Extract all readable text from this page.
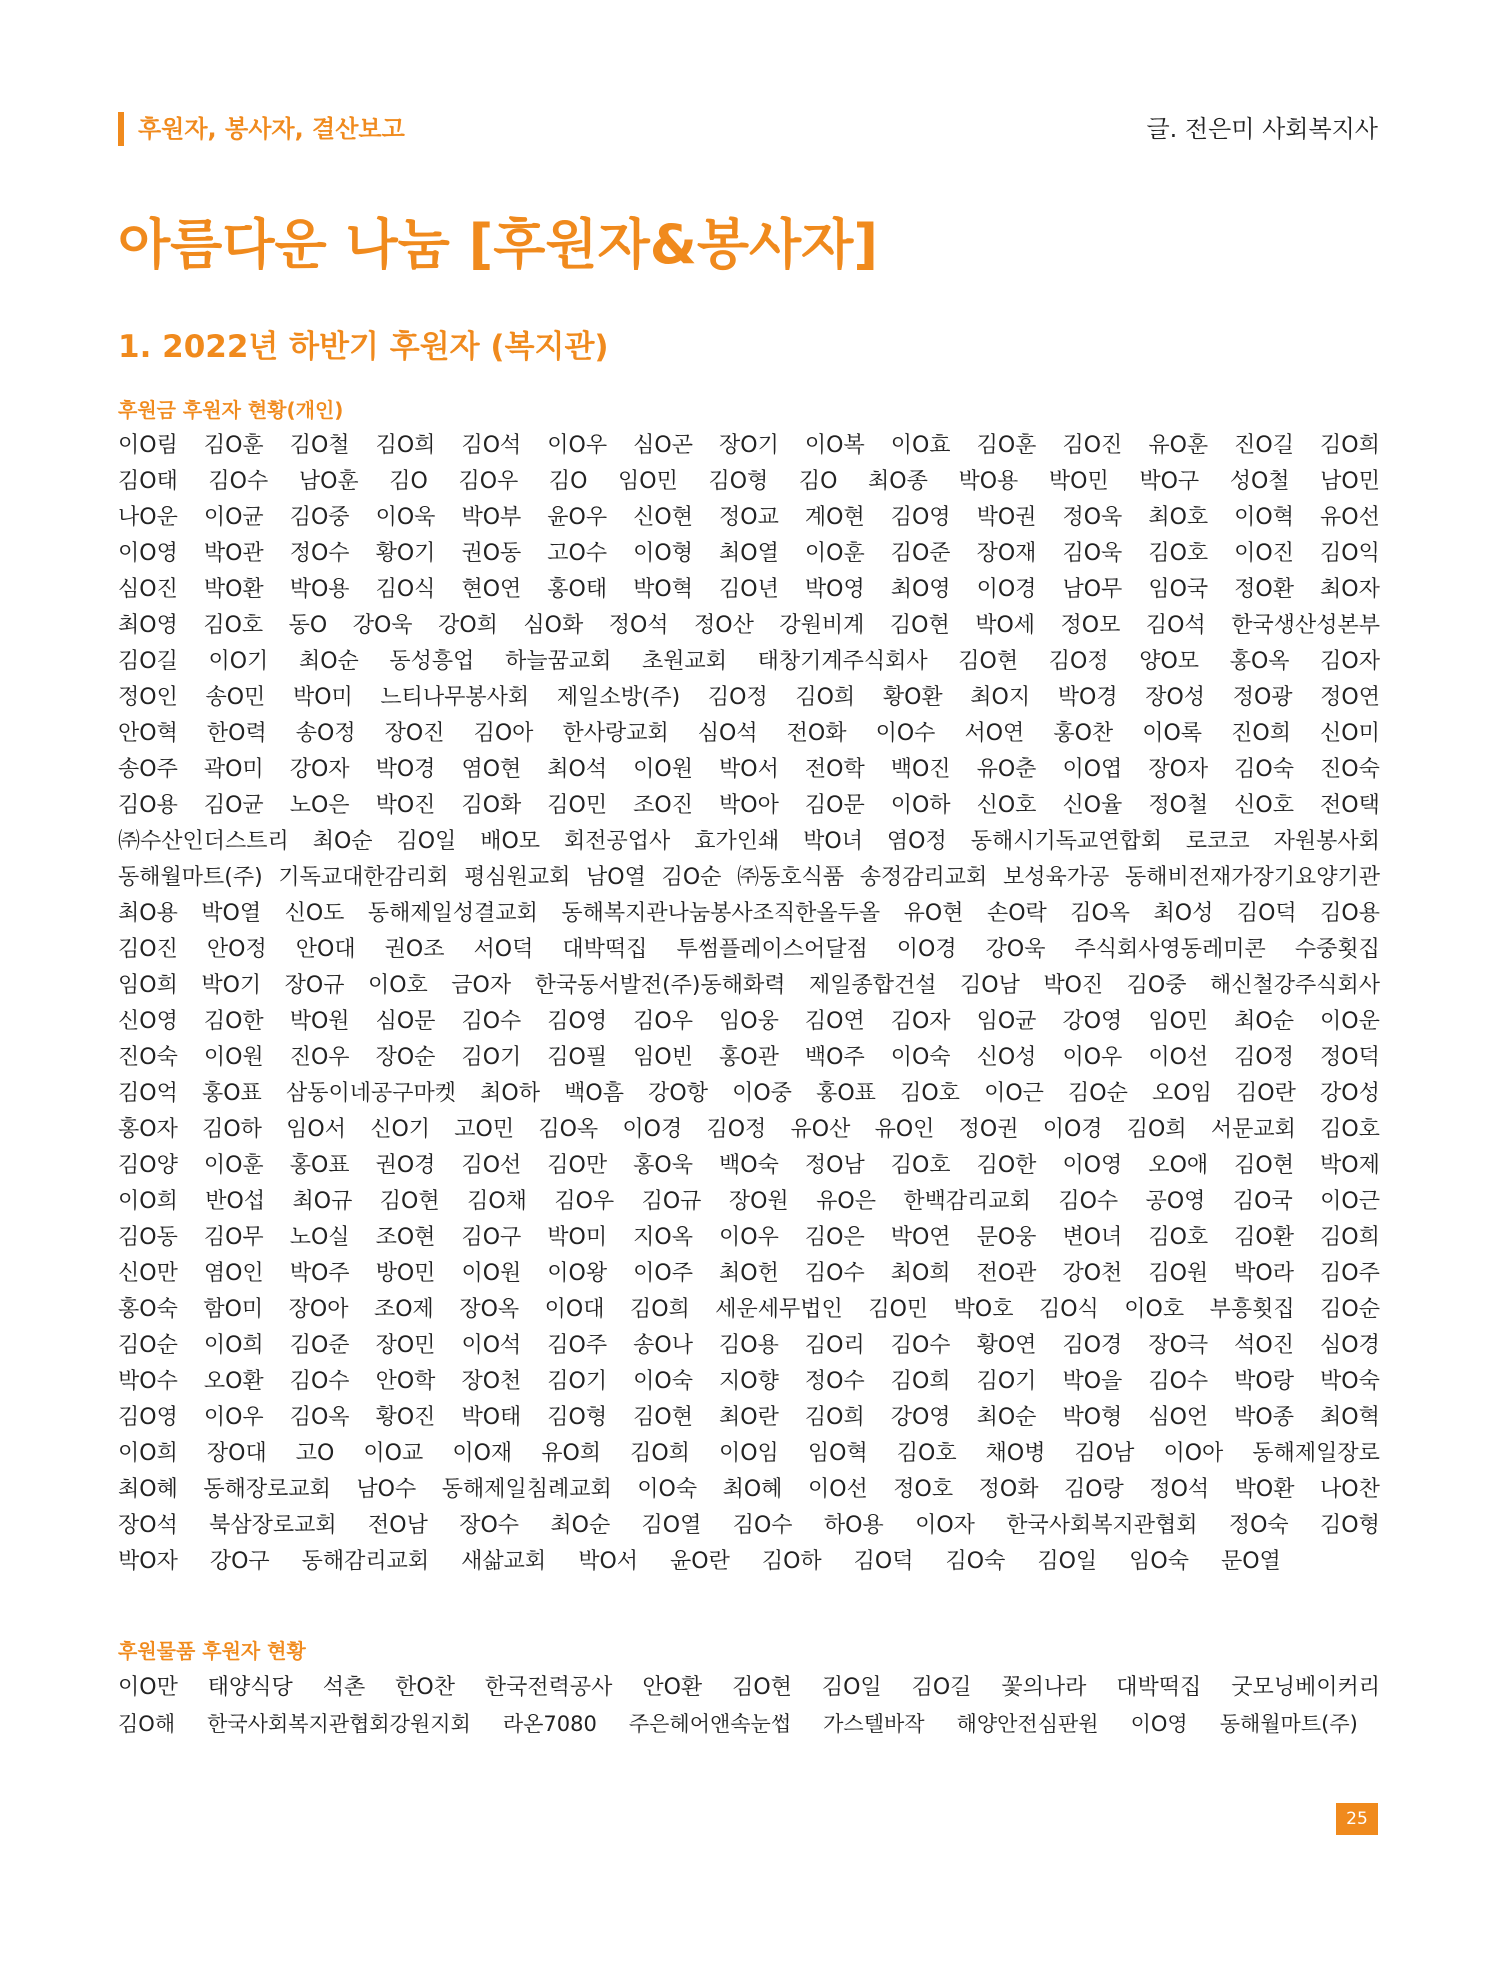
후원자, 봉사자, 결산보고	글. 전은미 사회복지사
아름다운 나눔 [후원자&봉사자]
1. 2022년 하반기 후원자 (복지관)
후원금 후원자 현황(개인)
이O림 김O훈 김O철 김O희 김O석 이O우 심O곤 장O기 이O복 이O효 김O훈 김O진 유O훈 진O길 김O희
김O태 김O수 남O훈 김O 김O우 김O 임O민 김O형 김O 최O종 박O용 박O민 박O구 성O철 남O민
나O운 이O균 김O중 이O욱 박O부 윤O우 신O현 정O교 계O현 김O영 박O권 정O욱 최O호 이O혁 유O선
이O영 박O관 정O수 황O기 권O동 고O수 이O형 최O열 이O훈 김O준 장O재 김O욱 김O호 이O진 김O익
심O진 박O환 박O용 김O식 현O연 홍O태 박O혁 김O년 박O영 최O영 이O경 남O무 임O국 정O환 최O자
최O영 김O호 동O 강O욱 강O희 심O화 정O석 정O산 강원비계 김O현 박O세 정O모 김O석 한국생산성본부
김O길 이O기 최O순 동성흥업 하늘꿈교회 초원교회 태창기계주식회사 김O현 김O정 양O모 홍O옥 김O자
정O인 송O민 박O미 느티나무봉사회 제일소방(주) 김O정 김O희 황O환 최O지 박O경 장O성 정O광 정O연
안O혁 한O력 송O정 장O진 김O아 한사랑교회 심O석 전O화 이O수 서O연 홍O찬 이O록 진O희 신O미
송O주 곽O미 강O자 박O경 염O현 최O석 이O원 박O서 전O학 백O진 유O춘 이O엽 장O자 김O숙 진O숙
김O용 김O균 노O은 박O진 김O화 김O민 조O진 박O아 김O문 이O하 신O호 신O율 정O철 신O호 전O택
㈜수산인더스트리 최O순 김O일 배O모 회전공업사 효가인쇄 박O녀 염O정 동해시기독교연합회 로코코 자원봉사회
동해월마트(주) 기독교대한감리회 평심원교회 남O열 김O순 ㈜동호식품 송정감리교회 보성육가공 동해비전재가장기요양기관
최O용 박O열 신O도 동해제일성결교회 동해복지관나눔봉사조직한올두올 유O현 손O락 김O옥 최O성 김O덕 김O용
김O진 안O정 안O대 권O조 서O덕 대박떡집 투썸플레이스어달점 이O경 강O욱 주식회사영동레미콘 수중횟집
임O희 박O기 장O규 이O호 금O자 한국동서발전(주)동해화력 제일종합건설 김O남 박O진 김O중 해신철강주식회사
신O영 김O한 박O원 심O문 김O수 김O영 김O우 임O웅 김O연 김O자 임O균 강O영 임O민 최O순 이O운
진O숙 이O원 진O우 장O순 김O기 김O필 임O빈 홍O관 백O주 이O숙 신O성 이O우 이O선 김O정 정O덕
김O억 홍O표 삼동이네공구마켓 최O하 백O흠 강O항 이O중 홍O표 김O호 이O근 김O순 오O임 김O란 강O성
홍O자 김O하 임O서 신O기 고O민 김O옥 이O경 김O정 유O산 유O인 정O권 이O경 김O희 서문교회 김O호
김O양 이O훈 홍O표 권O경 김O선 김O만 홍O욱 백O숙 정O남 김O호 김O한 이O영 오O애 김O현 박O제
이O희 반O섭 최O규 김O현 김O채 김O우 김O규 장O원 유O은 한백감리교회 김O수 공O영 김O국 이O근
김O동 김O무 노O실 조O현 김O구 박O미 지O옥 이O우 김O은 박O연 문O웅 변O녀 김O호 김O환 김O희
신O만 염O인 박O주 방O민 이O원 이O왕 이O주 최O헌 김O수 최O희 전O관 강O천 김O원 박O라 김O주
홍O숙 함O미 장O아 조O제 장O옥 이O대 김O희 세운세무법인 김O민 박O호 김O식 이O호 부흥횟집 김O순
김O순 이O희 김O준 장O민 이O석 김O주 송O나 김O용 김O리 김O수 황O연 김O경 장O극 석O진 심O경
박O수 오O환 김O수 안O학 장O천 김O기 이O숙 지O향 정O수 김O희 김O기 박O을 김O수 박O랑 박O숙
김O영 이O우 김O옥 황O진 박O태 김O형 김O현 최O란 김O희 강O영 최O순 박O형 심O언 박O종 최O혁
이O희 장O대 고O 이O교 이O재 유O희 김O희 이O임 임O혁 김O호 채O병 김O남 이O아 동해제일장로
최O혜 동해장로교회 남O수 동해제일침례교회 이O숙 최O혜 이O선 정O호 정O화 김O랑 정O석 박O환 나O찬
장O석 북삼장로교회 전O남 장O수 최O순 김O열 김O수 하O용 이O자 한국사회복지관협회 정O숙 김O형
박O자 강O구 동해감리교회 새삶교회 박O서 윤O란 김O하 김O덕 김O숙 김O일 임O숙 문O열
후원물품 후원자 현황
이O만 태양식당 석촌 한O찬 한국전력공사 안O환 김O현 김O일 김O길 꽃의나라 대박떡집 굿모닝베이커리
김O해 한국사회복지관협회강원지회 라온7080 주은헤어앤속눈썹 가스텔바작 해양안전심판원 이O영 동해월마트(주)
25
